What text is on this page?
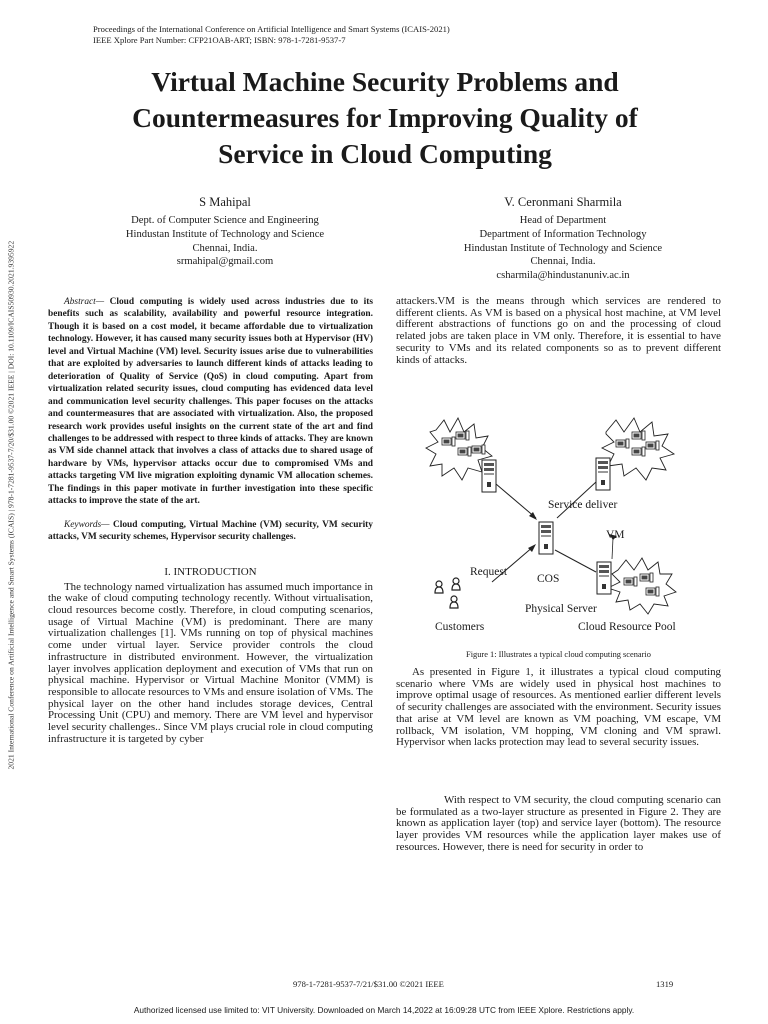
Proceedings of the International Conference on Artificial Intelligence and Smart Systems (ICAIS-2021)
IEEE Xplore Part Number: CFP21OAB-ART; ISBN: 978-1-7281-9537-7
2021 International Conference on Artificial Intelligence and Smart Systems (ICAIS) | 978-1-7281-9537-7/20/$31.00 ©2021 IEEE | DOI: 10.1109/ICAIS50930.2021.9395922
Virtual Machine Security Problems and
Countermeasures for Improving Quality of
Service in Cloud Computing
S Mahipal
Dept. of Computer Science and Engineering
Hindustan Institute of Technology and Science
Chennai, India.
srmahipal@gmail.com
V. Ceronmani Sharmila
Head of Department
Department of Information Technology
Hindustan Institute of Technology and Science
Chennai, India.
csharmila@hindustanuniv.ac.in
Abstract— Cloud computing is widely used across industries due to its benefits such as scalability, availability and powerful resource integration. Though it is based on a cost model, it became affordable due to virtualization technology. However, it has caused many security issues both at Hypervisor (HV) level and Virtual Machine (VM) level. Security issues arise due to vulnerabilities that are exploited by adversaries to launch different kinds of attacks leading to deterioration of Quality of Service (QoS) in cloud computing. Apart from virtualization related security issues, cloud computing has evidenced data level and communication level security challenges. This paper focuses on the attacks and countermeasures that are associated with virtualization. Also, the proposed research work provides useful insights on the current state of the art and find challenges to be addressed with respect to three kinds of attacks. They are known as VM side channel attack that involves a class of attacks due to shared usage of hardware by VMs, hypervisor attacks occur due to compromised VMs and attacks targeting VM live migration exploiting dynamic VM allocation schemes. The findings in this paper motivate in further investigation into these specific attacks to improve the state of the art.
Keywords— Cloud computing, Virtual Machine (VM) security, VM security attacks, VM security schemes, Hypervisor security challenges.
I. INTRODUCTION
The technology named virtualization has assumed much importance in the wake of cloud computing technology recently. Without virtualisation, cloud resources become costly. Therefore, in cloud computing scenarios, usage of Virtual Machine (VM) is predominant. There are many virtualization challenges [1]. VMs running on top of physical machines come under virtual layer. Service provider controls the cloud infrastructure in distributed environment. However, the virtualization layer involves application deployment and execution of VMs that run on physical machine. Hypervisor or Virtual Machine Monitor (VMM) is responsible to allocate resources to VMs and ensure isolation of VMs. The physical layer on the other hand includes storage devices, Central Processing Unit (CPU) and memory. There are VM level and hypervisor level security challenges.. Since VM plays crucial role in cloud computing infrastructure it is targeted by cyber
attackers.VM is the means through which services are rendered to different clients. As VM is based on a physical host machine, at VM level different abstractions of functions go on and the processing of cloud related jobs are taken place in VM only. Therefore, it is essential to have security to VMs and its related components so as to prevent different kinds of attacks.
Service deliver
VM
Request
COS
Physical Server
Customers	Cloud Resource Pool
Figure 1: Illustrates a typical cloud computing scenario
As presented in Figure 1, it illustrates a typical cloud computing scenario where VMs are widely used in physical host machines to improve optimal usage of resources. As mentioned earlier different levels of security challenges are associated with the environment. Security issues that arise at VM level are known as VM poaching, VM escape, VM rollback, VM isolation, VM hopping, VM cloning and VM sprawl. Hypervisor when lacks protection may lead to several security issues.
With respect to VM security, the cloud computing scenario can be formulated as a two-layer structure as presented in Figure 2. They are known as application layer (top) and service layer (bottom). The resource layer provides VM resources while the application layer makes use of resources. However, there is need for security in order to
978-1-7281-9537-7/21/$31.00 ©2021 IEEE	1319
Authorized licensed use limited to: VIT University. Downloaded on March 14,2022 at 16:09:28 UTC from IEEE Xplore. Restrictions apply.
